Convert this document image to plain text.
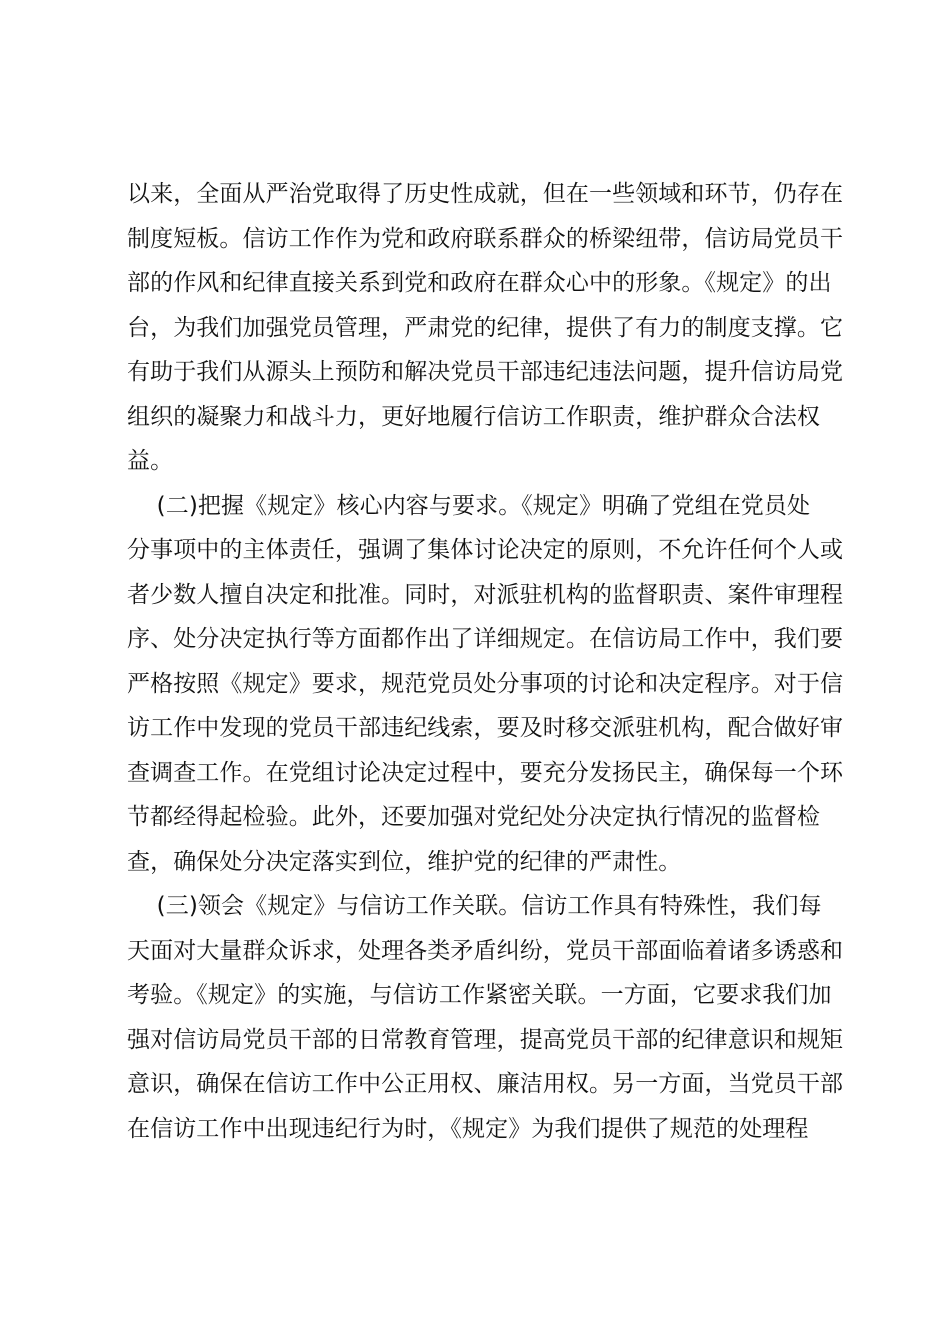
以来，全面从严治党取得了历史性成就，但在一些领域和环节，仍存在
制度短板。信访工作作为党和政府联系群众的桥梁纽带，信访局党员干
部的作风和纪律直接关系到党和政府在群众心中的形象。《规定》的出
台，为我们加强党员管理，严肃党的纪律，提供了有力的制度支撑。它
有助于我们从源头上预防和解决党员干部违纪违法问题，提升信访局党
组织的凝聚力和战斗力，更好地履行信访工作职责，维护群众合法权
益。
(二)把握《规定》核心内容与要求。《规定》明确了党组在党员处
分事项中的主体责任，强调了集体讨论决定的原则，不允许任何个人或
者少数人擅自决定和批准。同时，对派驻机构的监督职责、案件审理程
序、处分决定执行等方面都作出了详细规定。在信访局工作中，我们要
严格按照《规定》要求，规范党员处分事项的讨论和决定程序。对于信
访工作中发现的党员干部违纪线索，要及时移交派驻机构，配合做好审
查调查工作。在党组讨论决定过程中，要充分发扬民主，确保每一个环
节都经得起检验。此外，还要加强对党纪处分决定执行情况的监督检
查，确保处分决定落实到位，维护党的纪律的严肃性。
(三)领会《规定》与信访工作关联。信访工作具有特殊性，我们每
天面对大量群众诉求，处理各类矛盾纠纷，党员干部面临着诸多诱惑和
考验。《规定》的实施，与信访工作紧密关联。一方面，它要求我们加
强对信访局党员干部的日常教育管理，提高党员干部的纪律意识和规矩
意识，确保在信访工作中公正用权、廉洁用权。另一方面，当党员干部
在信访工作中出现违纪行为时，《规定》为我们提供了规范的处理程
